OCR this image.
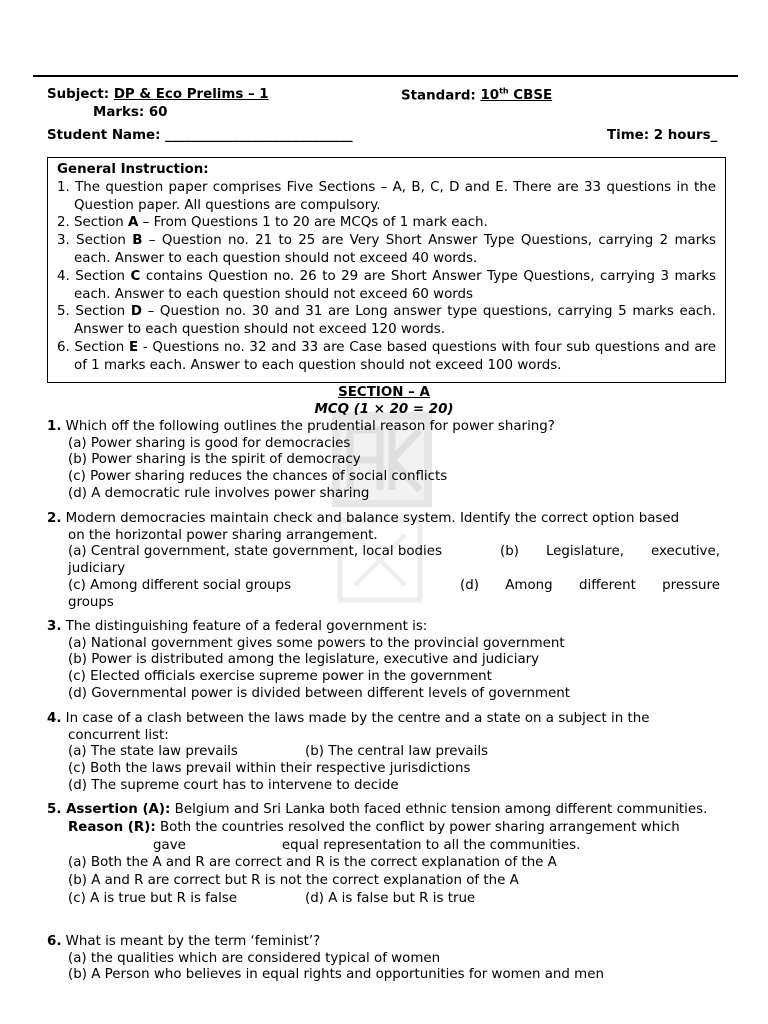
Subject: DP & Eco Prelims – 1	Standard: 10th CBSE
Marks: 60
Student Name: ____________________________	Time: 2 hours_
General Instruction:
1. The question paper comprises Five Sections – A, B, C, D and E. There are 33 questions in the Question paper. All questions are compulsory.
2. Section A – From Questions 1 to 20 are MCQs of 1 mark each.
3. Section B – Question no. 21 to 25 are Very Short Answer Type Questions, carrying 2 marks each. Answer to each question should not exceed 40 words.
4. Section C contains Question no. 26 to 29 are Short Answer Type Questions, carrying 3 marks each. Answer to each question should not exceed 60 words
5. Section D – Question no. 30 and 31 are Long answer type questions, carrying 5 marks each. Answer to each question should not exceed 120 words.
6. Section E - Questions no. 32 and 33 are Case based questions with four sub questions and are of 1 marks each. Answer to each question should not exceed 100 words.
SECTION – A
MCQ (1 × 20 = 20)
1. Which off the following outlines the prudential reason for power sharing?
(a) Power sharing is good for democracies
(b) Power sharing is the spirit of democracy
(c) Power sharing reduces the chances of social conflicts
(d) A democratic rule involves power sharing
2. Modern democracies maintain check and balance system. Identify the correct option based
on the horizontal power sharing arrangement.
(a) Central government, state government, local bodies	(b) Legislature, executive,
judiciary
(c) Among different social groups	(d) Among different pressure
groups
3. The distinguishing feature of a federal government is:
(a) National government gives some powers to the provincial government
(b) Power is distributed among the legislature, executive and judiciary
(c) Elected officials exercise supreme power in the government
(d) Governmental power is divided between different levels of government
4. In case of a clash between the laws made by the centre and a state on a subject in the
concurrent list:
(a) The state law prevails	(b) The central law prevails
(c) Both the laws prevail within their respective jurisdictions
(d) The supreme court has to intervene to decide
5. Assertion (A): Belgium and Sri Lanka both faced ethnic tension among different communities.
Reason (R): Both the countries resolved the conflict by power sharing arrangement which
gave	equal representation to all the communities.
(a) Both the A and R are correct and R is the correct explanation of the A
(b) A and R are correct but R is not the correct explanation of the A
(c) A is true but R is false	(d) A is false but R is true
6. What is meant by the term ‘feminist’?
(a) the qualities which are considered typical of women
(b) A Person who believes in equal rights and opportunities for women and men
